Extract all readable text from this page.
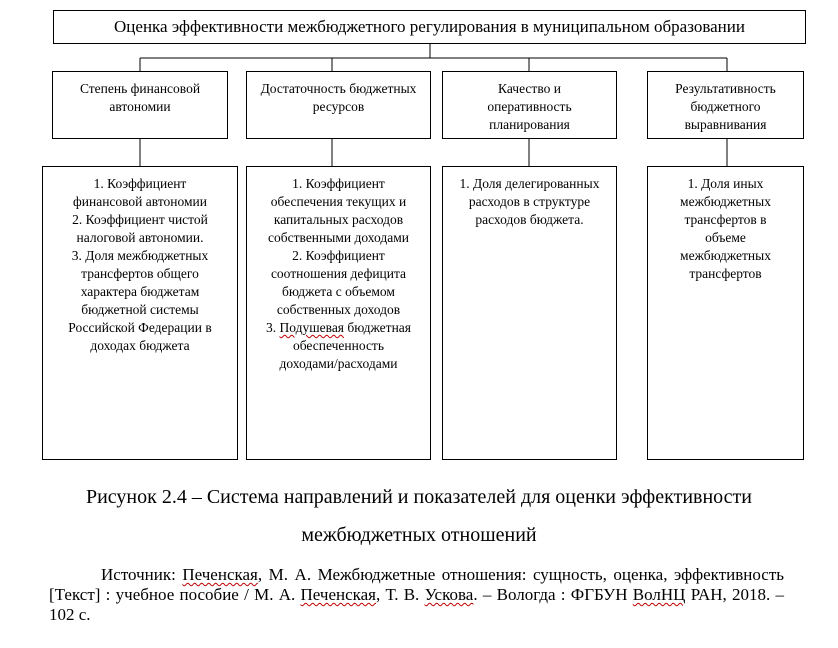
Оценка эффективности межбюджетного регулирования в муниципальном образовании
Степень финансовой автономии
Достаточность бюджетных ресурсов
Качество и оперативность планирования
Результативность бюджетного выравнивания
1. Коэффициент финансовой автономии
2. Коэффициент чистой налоговой автономии.
3. Доля межбюджетных трансфертов общего характера бюджетам бюджетной системы Российской Федерации в доходах бюджета
1. Коэффициент обеспечения текущих и капитальных расходов собственными доходами
2. Коэффициент соотношения дефицита бюджета с объемом собственных доходов
3. Подушевая бюджетная обеспеченность доходами/расходами
1. Доля делегированных расходов в структуре расходов бюджета.
1. Доля иных межбюджетных трансфертов в объеме межбюджетных трансфертов
Рисунок 2.4 – Система направлений и показателей для оценки эффективности
межбюджетных отношений
Источник: Печенская, М. А. Межбюджетные отношения: сущность, оценка, эффективность [Текст] : учебное пособие / М. А. Печенская, Т. В. Ускова. – Вологда : ФГБУН ВолНЦ РАН, 2018. – 102 с.
